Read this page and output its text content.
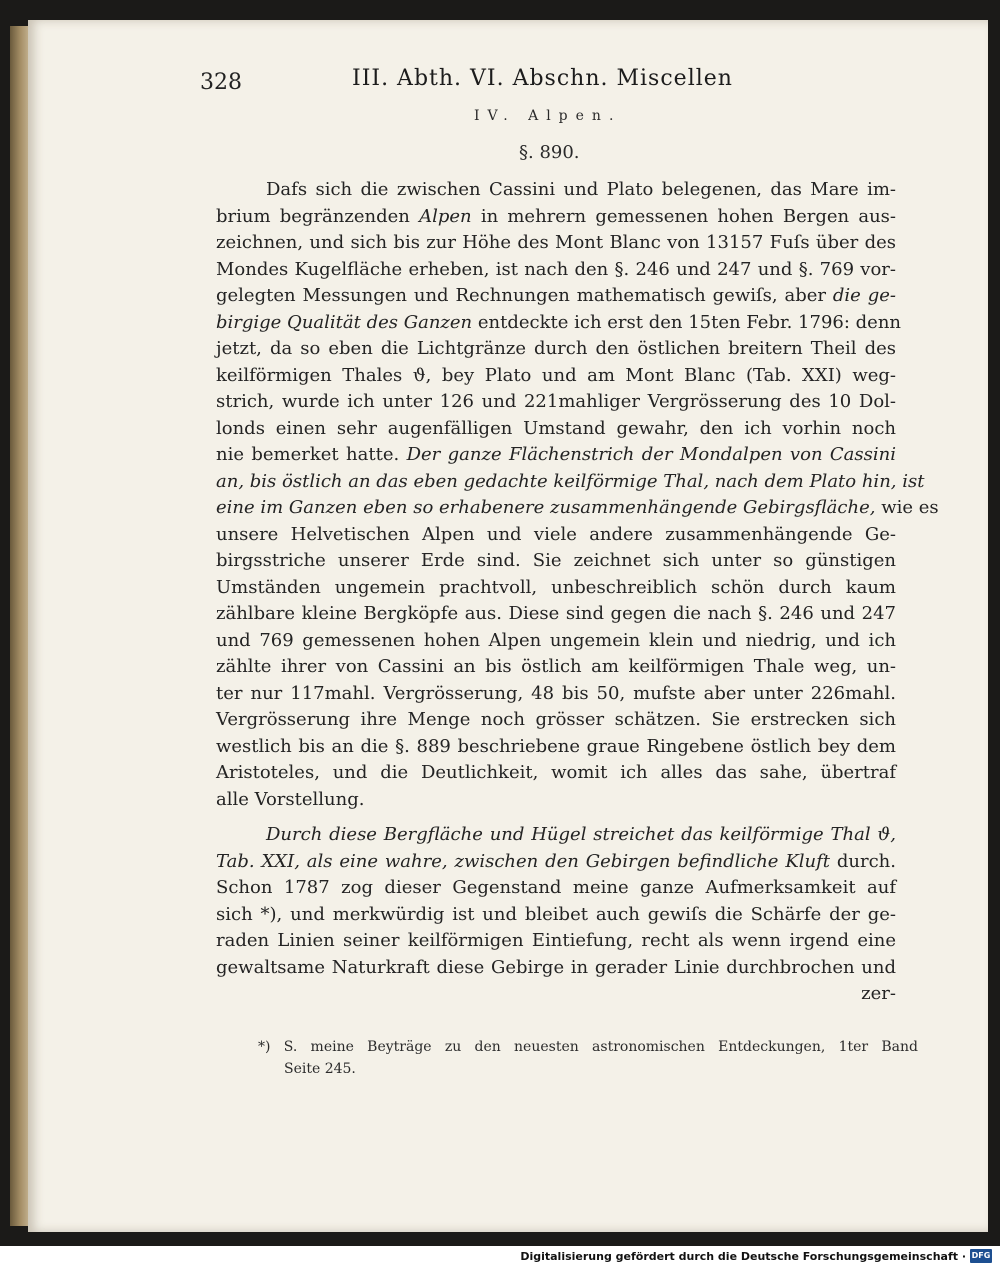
328	III. Abth. VI. Abschn. Miscellen
IV. Alpen.
§. 890.
Dafs sich die zwischen Cassini und Plato belegenen, das Mare im-
brium begränzenden Alpen in mehrern gemessenen hohen Bergen aus-
zeichnen, und sich bis zur Höhe des Mont Blanc von 13157 Fuſs über des
Mondes Kugelfläche erheben, ist nach den §. 246 und 247 und §. 769 vor-
gelegten Messungen und Rechnungen mathematisch gewiſs, aber die ge-
birgige Qualität des Ganzen entdeckte ich erst den 15ten Febr. 1796: denn
jetzt, da so eben die Lichtgränze durch den östlichen breitern Theil des
keilförmigen Thales ϑ, bey Plato und am Mont Blanc (Tab. XXI) weg-
strich, wurde ich unter 126 und 221mahliger Vergrösserung des 10 Dol-
londs einen sehr augenfälligen Umstand gewahr, den ich vorhin noch
nie bemerket hatte. Der ganze Flächenstrich der Mondalpen von Cassini
an, bis östlich an das eben gedachte keilförmige Thal, nach dem Plato hin, ist
eine im Ganzen eben so erhabenere zusammenhängende Gebirgsfläche, wie es
unsere Helvetischen Alpen und viele andere zusammenhängende Ge-
birgsstriche unserer Erde sind. Sie zeichnet sich unter so günstigen
Umständen ungemein prachtvoll, unbeschreiblich schön durch kaum
zählbare kleine Bergköpfe aus. Diese sind gegen die nach §. 246 und 247
und 769 gemessenen hohen Alpen ungemein klein und niedrig, und ich
zählte ihrer von Cassini an bis östlich am keilförmigen Thale weg, un-
ter nur 117mahl. Vergrösserung, 48 bis 50, mufste aber unter 226mahl.
Vergrösserung ihre Menge noch grösser schätzen. Sie erstrecken sich
westlich bis an die §. 889 beschriebene graue Ringebene östlich bey dem
Aristoteles, und die Deutlichkeit, womit ich alles das sahe, übertraf
alle Vorstellung.
Durch diese Bergfläche und Hügel streichet das keilförmige Thal ϑ,
Tab. XXI, als eine wahre, zwischen den Gebirgen befindliche Kluft durch.
Schon 1787 zog dieser Gegenstand meine ganze Aufmerksamkeit auf
sich *), und merkwürdig ist und bleibet auch gewiſs die Schärfe der ge-
raden Linien seiner keilförmigen Eintiefung, recht als wenn irgend eine
gewaltsame Naturkraft diese Gebirge in gerader Linie durchbrochen und
zer-
*) S. meine Beyträge zu den neuesten astronomischen Entdeckungen, 1ter Band
Seite 245.
Digitalisierung gefördert durch die Deutsche Forschungsgemeinschaft · DFG
